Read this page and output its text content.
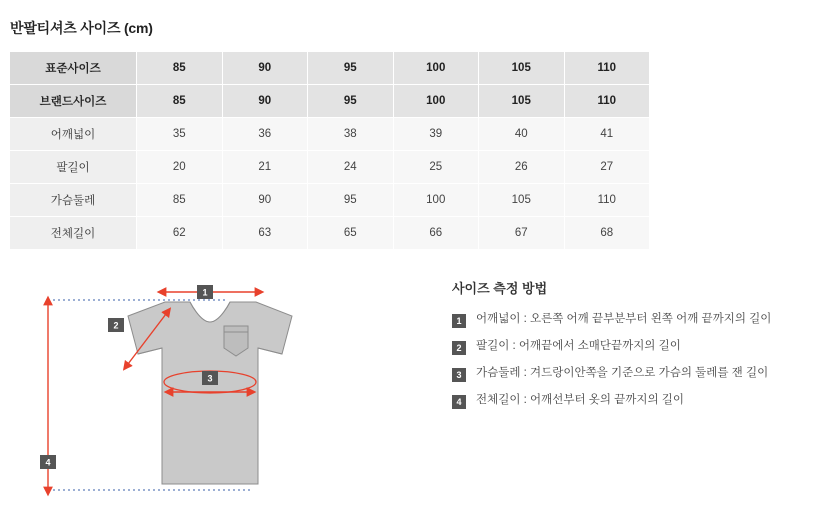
반팔티셔츠 사이즈 (cm)
표준사이즈	85	90	95	100	105	110
브랜드사이즈	85	90	95	100	105	110
어깨넓이	35	36	38	39	40	41
팔길이	20	21	24	25	26	27
가슴둘레	85	90	95	100	105	110
전체길이	62	63	65	66	67	68
1
2
3
4
사이즈 측정 방법
1	어깨넓이 : 오른쪽 어깨 끝부분부터 왼쪽 어깨 끝까지의 길이
2	팔길이 : 어깨끝에서 소매단끝까지의 길이
3	가슴둘레 : 겨드랑이안쪽을 기준으로 가슴의 둘레를 잰 길이
4	전체길이 : 어깨선부터 옷의 끝까지의 길이
